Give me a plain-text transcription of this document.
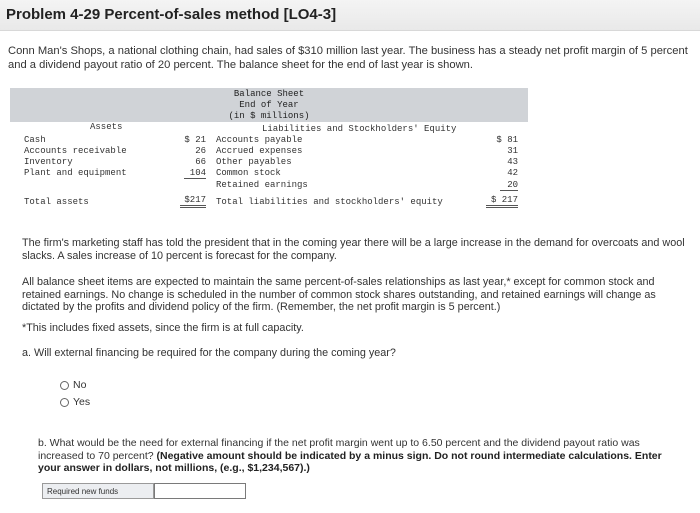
Problem 4-29 Percent-of-sales method [LO4-3]
Conn Man's Shops, a national clothing chain, had sales of $310 million last year. The business has a steady net profit margin of 5 percent and a dividend payout ratio of 20 percent. The balance sheet for the end of last year is shown.
Balance Sheet
End of Year
(in $ millions)
Assets	Liabilities and Stockholders' Equity
Cash
Accounts receivable
Inventory
Plant and equipment
Total assets
$ 21
26
66
104
$217
Accounts payable
Accrued expenses
Other payables
Common stock
Retained earnings
Total liabilities and stockholders' equity
$ 81
31
43
42
20
$ 217
The firm's marketing staff has told the president that in the coming year there will be a large increase in the demand for overcoats and wool slacks. A sales increase of 10 percent is forecast for the company.
All balance sheet items are expected to maintain the same percent-of-sales relationships as last year,* except for common stock and retained earnings. No change is scheduled in the number of common stock shares outstanding, and retained earnings will change as dictated by the profits and dividend policy of the firm. (Remember, the net profit margin is 5 percent.)
*This includes fixed assets, since the firm is at full capacity.
a. Will external financing be required for the company during the coming year?
No
Yes
b. What would be the need for external financing if the net profit margin went up to 6.50 percent and the dividend payout ratio was increased to 70 percent? (Negative amount should be indicated by a minus sign. Do not round intermediate calculations. Enter your answer in dollars, not millions, (e.g., $1,234,567).)
Required new funds
